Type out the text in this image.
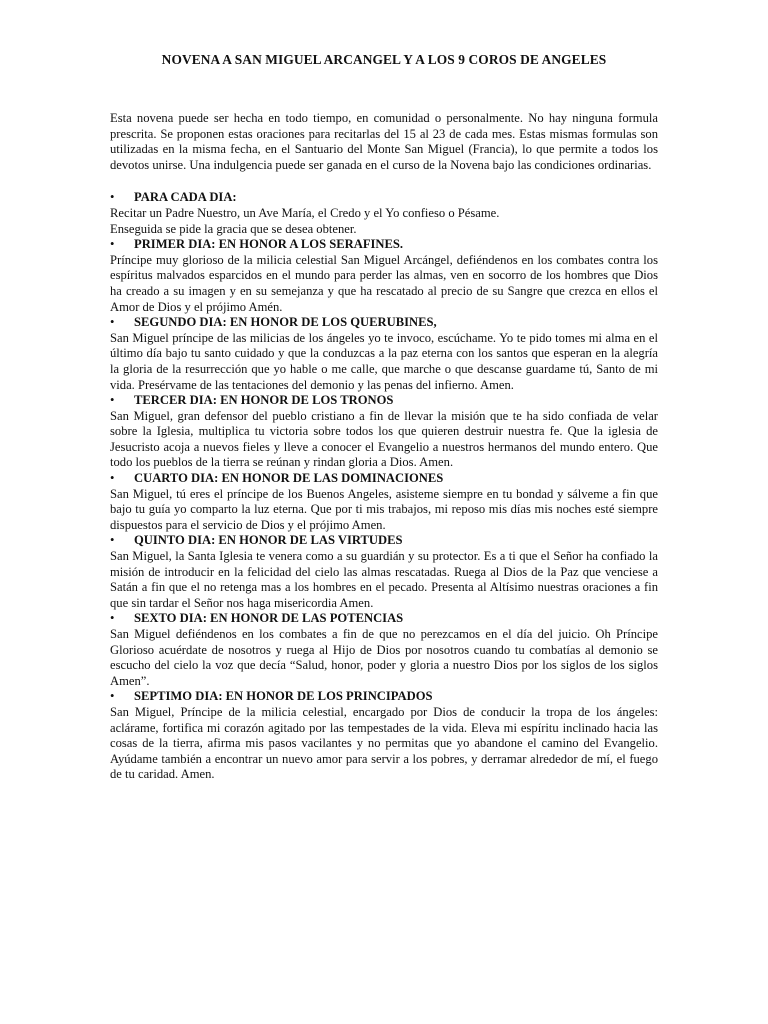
NOVENA A SAN MIGUEL ARCANGEL Y A LOS 9 COROS DE ANGELES

Esta novena puede ser hecha en todo tiempo, en comunidad o personalmente. No hay ninguna formula prescrita. Se proponen estas oraciones para recitarlas del 15 al 23 de cada mes. Estas mismas formulas son utilizadas en la misma fecha, en el Santuario del Monte San Miguel (Francia), lo que permite a todos los devotos unirse. Una indulgencia puede ser ganada en el curso de la Novena bajo las condiciones ordinarias.

•	PARA CADA DIA:

Recitar un Padre Nuestro, un Ave María, el Credo y el Yo confieso o Pésame.

Enseguida se pide la gracia que se desea obtener.

•	PRIMER DIA: EN HONOR A LOS SERAFINES.

Príncipe muy glorioso de la milicia celestial San Miguel Arcángel, defiéndenos en los combates contra los espíritus malvados esparcidos en el mundo para perder las almas, ven en socorro de los hombres que Dios ha creado a su imagen y en su semejanza y que ha rescatado al precio de su Sangre que crezca en ellos el Amor de Dios y el prójimo Amén.

•	SEGUNDO DIA: EN HONOR DE LOS QUERUBINES,

San Miguel príncipe de las milicias de los ángeles yo te invoco, escúchame. Yo te pido tomes mi alma en el último día bajo tu santo cuidado y que la conduzcas a la paz eterna con los santos que esperan en la alegría la gloria de la resurrección que yo hable o me calle, que marche o que descanse guardame tú, Santo de mi vida. Presérvame de las tentaciones del demonio y las penas del infierno. Amen.

•	TERCER DIA: EN HONOR DE LOS TRONOS

San Miguel, gran defensor del pueblo cristiano a fin de llevar la misión que te ha sido confiada de velar sobre la Iglesia, multiplica tu victoria sobre todos los que quieren destruir nuestra fe. Que la iglesia de Jesucristo acoja a nuevos fieles y lleve a conocer el Evangelio a nuestros hermanos del mundo entero. Que todo los pueblos de la tierra se reúnan y rindan gloria a Dios. Amen.

•	CUARTO DIA: EN HONOR DE LAS DOMINACIONES

San Miguel, tú eres el príncipe de los Buenos Angeles, asisteme siempre en tu bondad y sálveme a fin que bajo tu guía yo comparto la luz eterna. Que por ti mis trabajos, mi reposo mis días mis noches esté siempre dispuestos para el servicio de Dios y el prójimo Amen.

•	QUINTO DIA: EN HONOR DE LAS VIRTUDES

San Miguel, la Santa Iglesia te venera como a su guardián y su protector. Es a ti que el Señor ha confiado la misión de introducir en la felicidad del cielo las almas rescatadas. Ruega al Dios de la Paz que venciese a Satán a fin que el no retenga mas a los hombres en el pecado. Presenta al Altísimo nuestras oraciones a fin que sin tardar el Señor nos haga misericordia Amen.

•	SEXTO DIA: EN HONOR DE LAS POTENCIAS

San Miguel defiéndenos en los combates a fin de que no perezcamos en el día del juicio. Oh Príncipe Glorioso acuérdate de nosotros y ruega al Hijo de Dios por nosotros cuando tu combatías al demonio se escucho del cielo la voz que decía “Salud, honor, poder y gloria a nuestro Dios por los siglos de los siglos Amen”.

•	SEPTIMO DIA: EN HONOR DE LOS PRINCIPADOS

San Miguel, Príncipe de la milicia celestial, encargado por Dios de conducir la tropa de los ángeles: aclárame, fortifica mi corazón agitado por las tempestades de la vida. Eleva mi espíritu inclinado hacia las cosas de la tierra, afirma mis pasos vacilantes y no permitas que yo abandone el camino del Evangelio. Ayúdame también a encontrar un nuevo amor para servir a los pobres, y derramar alrededor de mí, el fuego de tu caridad. Amen.
